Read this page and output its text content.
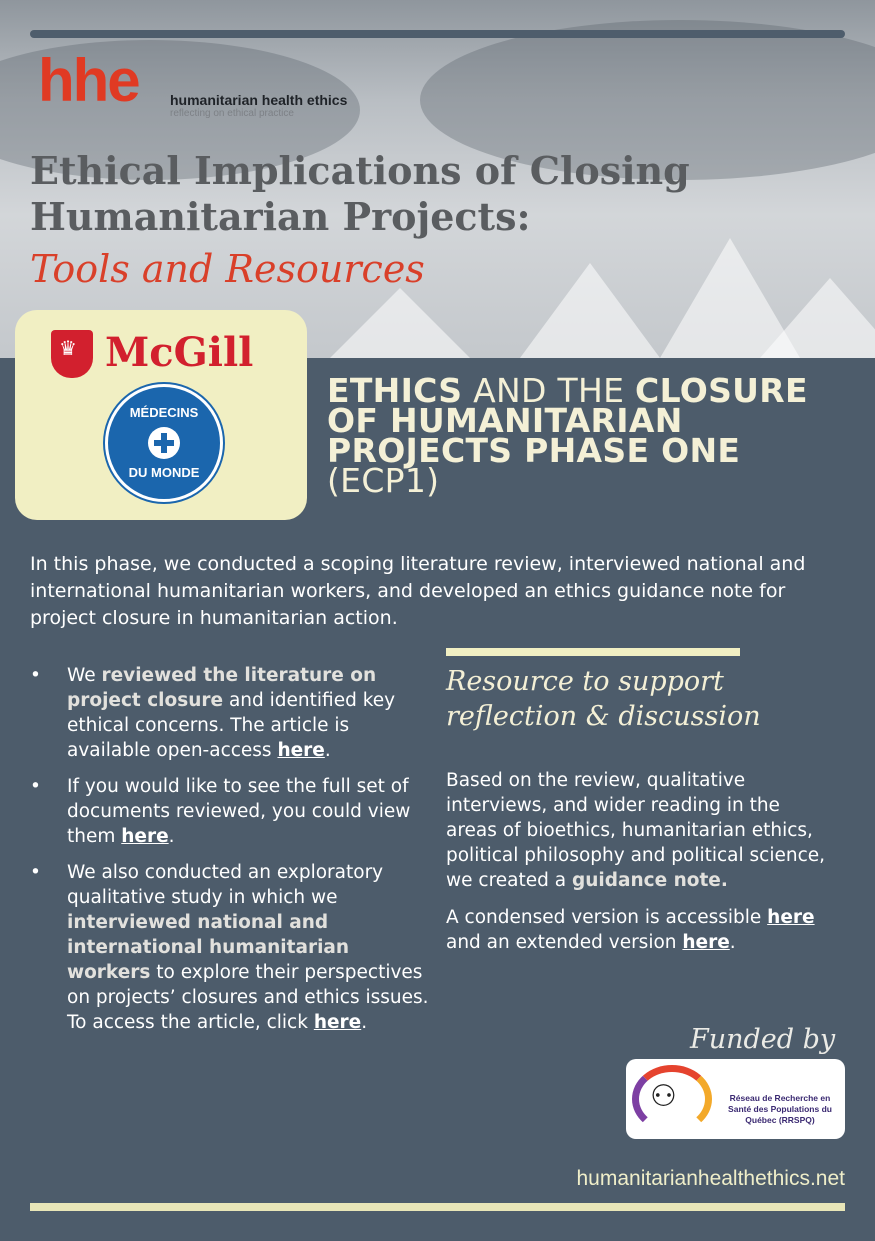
hhe humanitarian health ethics
reflecting on ethical practice
Ethical Implications of Closing Humanitarian Projects:
Tools and Resources
♛ McGill
MÉDECINS
DU MONDE
ETHICS AND THE CLOSURE OF HUMANITARIAN PROJECTS PHASE ONE (ECP1)
In this phase, we conducted a scoping literature review, interviewed national and international humanitarian workers, and developed an ethics guidance note for project closure in humanitarian action.
• We reviewed the literature on project closure and identified key ethical concerns. The article is available open-access here.
• If you would like to see the full set of documents reviewed, you could view them here.
• We also conducted an exploratory qualitative study in which we interviewed national and international humanitarian workers to explore their perspectives on projects’ closures and ethics issues. To access the article, click here.
Resource to support reflection & discussion

Based on the review, qualitative interviews, and wider reading in the areas of bioethics, humanitarian ethics, political philosophy and political science, we created a guidance note.

A condensed version is accessible here and an extended version here.

Funded by
⚇	Réseau de Recherche en Santé des Populations du Québec (RRSPQ)
humanitarianhealthethics.net
